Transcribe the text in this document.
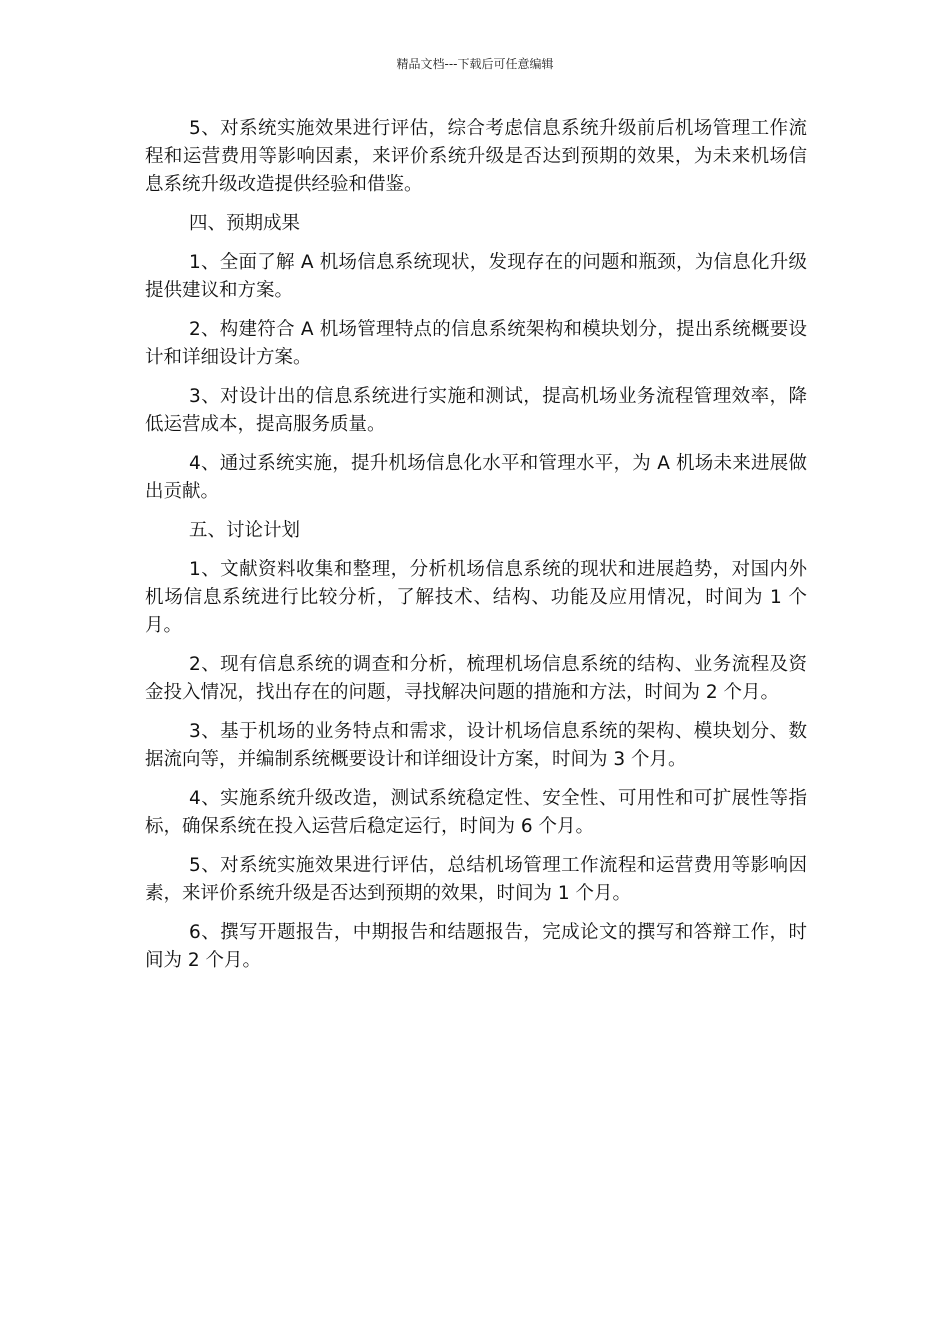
精品文档---下载后可任意编辑

5、对系统实施效果进行评估，综合考虑信息系统升级前后机场管理工作流程和运营费用等影响因素，来评价系统升级是否达到预期的效果，为未来机场信息系统升级改造提供经验和借鉴。

四、预期成果

1、全面了解 A 机场信息系统现状，发现存在的问题和瓶颈，为信息化升级提供建议和方案。

2、构建符合 A 机场管理特点的信息系统架构和模块划分，提出系统概要设计和详细设计方案。

3、对设计出的信息系统进行实施和测试，提高机场业务流程管理效率，降低运营成本，提高服务质量。

4、通过系统实施，提升机场信息化水平和管理水平，为 A 机场未来进展做出贡献。

五、讨论计划

1、文献资料收集和整理，分析机场信息系统的现状和进展趋势，对国内外机场信息系统进行比较分析，了解技术、结构、功能及应用情况，时间为 1 个月。

2、现有信息系统的调查和分析，梳理机场信息系统的结构、业务流程及资金投入情况，找出存在的问题，寻找解决问题的措施和方法，时间为 2 个月。

3、基于机场的业务特点和需求，设计机场信息系统的架构、模块划分、数据流向等，并编制系统概要设计和详细设计方案，时间为 3 个月。

4、实施系统升级改造，测试系统稳定性、安全性、可用性和可扩展性等指标，确保系统在投入运营后稳定运行，时间为 6 个月。

5、对系统实施效果进行评估，总结机场管理工作流程和运营费用等影响因素，来评价系统升级是否达到预期的效果，时间为 1 个月。

6、撰写开题报告，中期报告和结题报告，完成论文的撰写和答辩工作，时间为 2 个月。
